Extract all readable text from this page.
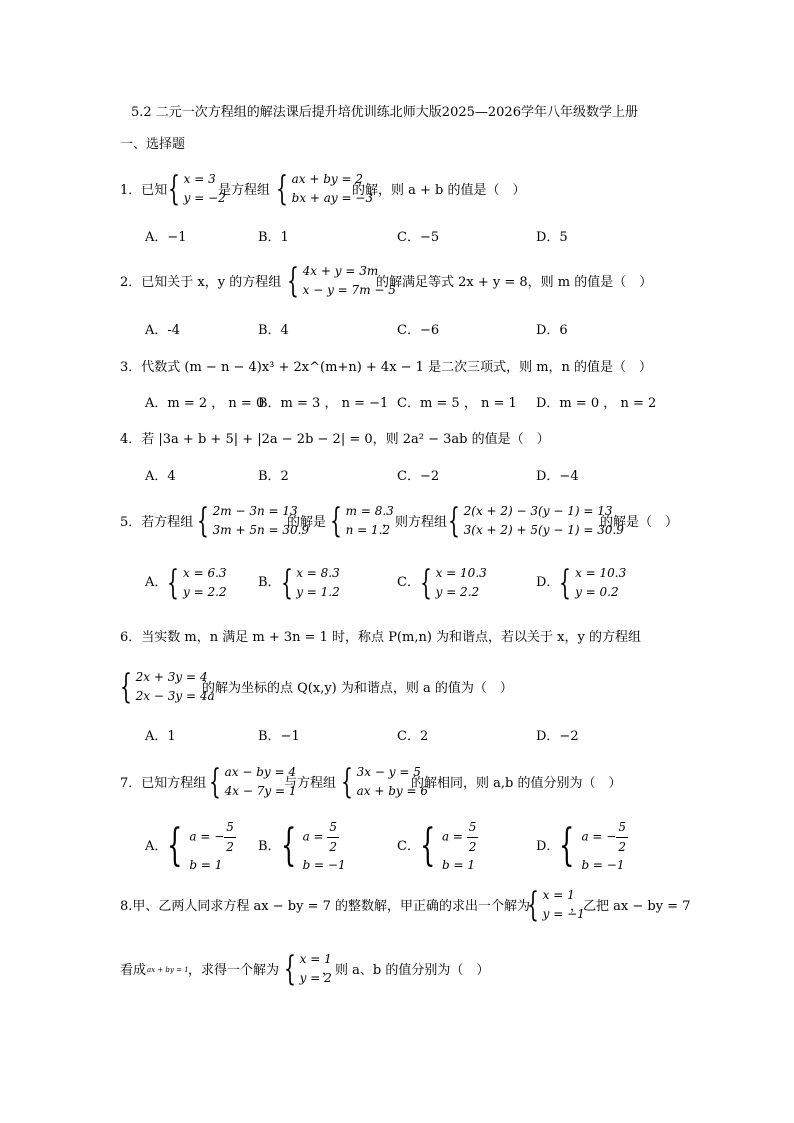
5.2 二元一次方程组的解法课后提升培优训练北师大版2025—2026学年八年级数学上册
一、选择题
1．已知 { x = 3
y = −2
是方程组 { ax + by = 2
bx + ay = −3
的解，则 a + b 的值是（　）
A．−1	B．1	C．−5	D．5
2．已知关于 x，y 的方程组 { 4x + y = 3m
x − y = 7m − 5
的解满足等式 2x + y = 8，则 m 的值是（　）
A．-4	B．4	C．−6	D．6
3．代数式 (m − n − 4)x³ + 2x^(m+n) + 4x − 1 是二次三项式，则 m，n 的值是（　）
A．m = 2 ， n = 0
B．m = 3 ， n = −1 C．m = 5 ， n = 1 D．m = 0 ， n = 2
4．若 |3a + b + 5| + |2a − 2b − 2| = 0，则 2a² − 3ab 的值是（　）
A．4	B．2	C．−2	D．−4
5．若方程组 { 2m − 3n = 13
3m + 5n = 30.9
的解是 { m = 8.3
n = 1.2
，则方程组 { 2(x + 2) − 3(y − 1) = 13
3(x + 2) + 5(y − 1) = 30.9
的解是（　）
A． { x = 6.3
y = 2.2
B． { x = 8.3
y = 1.2
C． { x = 10.3
y = 2.2
D． { x = 10.3
y = 0.2
6．当实数 m，n 满足 m + 3n = 1 时，称点 P(m,n) 为和谐点，若以关于 x，y 的方程组
{ 2x + 3y = 4
2x − 3y = 4a
的解为坐标的点 Q(x,y) 为和谐点，则 a 的值为（　）
A．1	B．−1	C．2	D．−2
7．已知方程组 { ax − by = 4
4x − 7y = 1
与方程组 { 3x − y = 5
ax + by = 6
的解相同，则 a,b 的值分别为（　）
A． { a = − $\frac{5}{2}$
b = 1
B． { $a = \frac{5}{2}$
b = −1
C． { $a = \frac{5}{2}$
b = 1
D． { a = − $\frac{5}{2}$
b = −1
8.甲、乙两人同求方程 ax − by = 7 的整数解，甲正确的求出一个解为
{ x = 1
y = −1
，乙把 ax − by = 7
看成 ax + by = 1 ，求得一个解为 { x = 1
y = 2
，则 a、b 的值分别为（　）
